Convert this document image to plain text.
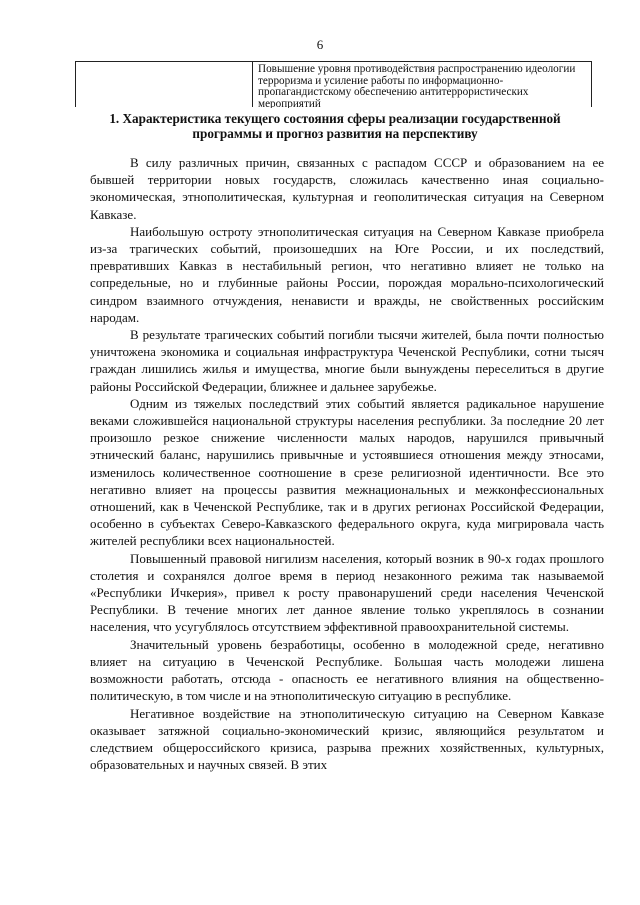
6
Повышение уровня противодействия распространению идеологии терроризма и усиление работы по информационно-пропагандистскому обеспечению антитеррористических мероприятий
1. Характеристика текущего состояния сферы реализации государственной программы и прогноз развития на перспективу

В силу различных причин, связанных с распадом СССР и образованием на ее бывшей территории новых государств, сложилась качественно иная социально-экономическая, этнополитическая, культурная и геополитическая ситуация на Северном Кавказе.

Наибольшую остроту этнополитическая ситуация на Северном Кавказе приобрела из-за трагических событий, произошедших на Юге России, и их последствий, превративших Кавказ в нестабильный регион, что негативно влияет не только на сопредельные, но и глубинные районы России, порождая морально-психологический синдром взаимного отчуждения, ненависти и вражды, не свойственных российским народам.

В результате трагических событий погибли тысячи жителей, была почти полностью уничтожена экономика и социальная инфраструктура Чеченской Республики, сотни тысяч граждан лишились жилья и имущества, многие были вынуждены переселиться в другие районы Российской Федерации, ближнее и дальнее зарубежье.

Одним из тяжелых последствий этих событий является радикальное нарушение веками сложившейся национальной структуры населения республики. За последние 20 лет произошло резкое снижение численности малых народов, нарушился привычный этнический баланс, нарушились привычные и устоявшиеся отношения между этносами, изменилось количественное соотношение в срезе религиозной идентичности. Все это негативно влияет на процессы развития межнациональных и межконфессиональных отношений, как в Чеченской Республике, так и в других регионах Российской Федерации, особенно в субъектах Северо-Кавказского федерального округа, куда мигрировала часть жителей республики всех национальностей.

Повышенный правовой нигилизм населения, который возник в 90-х годах прошлого столетия и сохранялся долгое время в период незаконного режима так называемой «Республики Ичкерия», привел к росту правонарушений среди населения Чеченской Республики. В течение многих лет данное явление только укреплялось в сознании населения, что усугублялось отсутствием эффективной правоохранительной системы.

Значительный уровень безработицы, особенно в молодежной среде, негативно влияет на ситуацию в Чеченской Республике. Большая часть молодежи лишена возможности работать, отсюда - опасность ее негативного влияния на общественно-политическую, в том числе и на этнополитическую ситуацию в республике.

Негативное воздействие на этнополитическую ситуацию на Северном Кавказе оказывает затяжной социально-экономический кризис, являющийся результатом и следствием общероссийского кризиса, разрыва прежних хозяйственных, культурных, образовательных и научных связей. В этих
